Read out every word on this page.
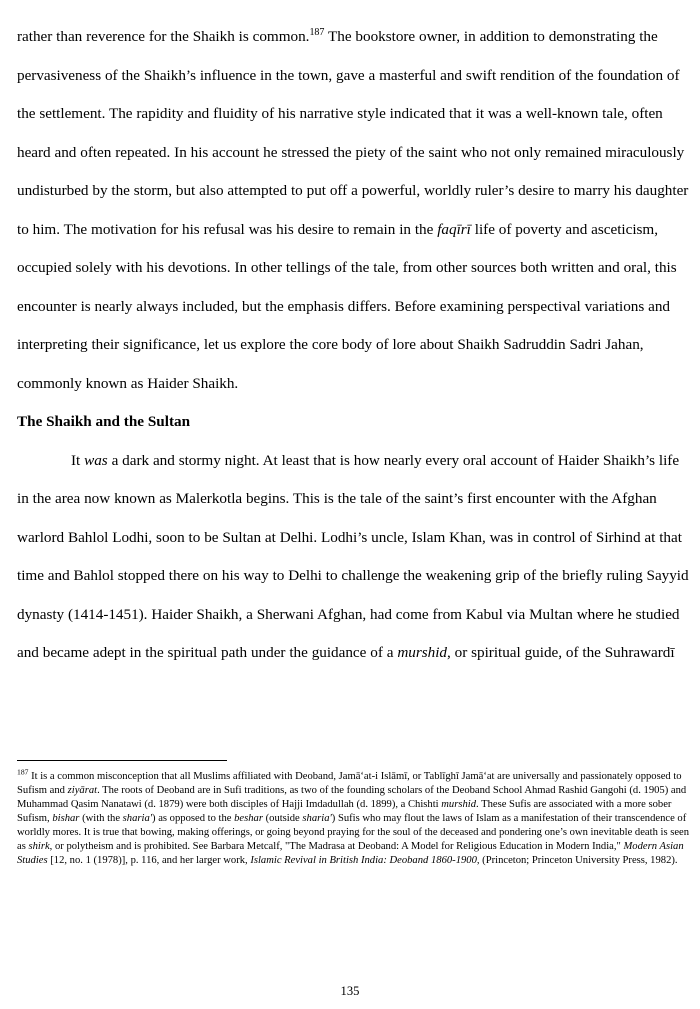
rather than reverence for the Shaikh is common.$^{187}$ The bookstore owner, in addition to demonstrating the pervasiveness of the Shaikh’s influence in the town, gave a masterful and swift rendition of the foundation of the settlement. The rapidity and fluidity of his narrative style indicated that it was a well-known tale, often heard and often repeated. In his account he stressed the piety of the saint who not only remained miraculously undisturbed by the storm, but also attempted to put off a powerful, worldly ruler’s desire to marry his daughter to him. The motivation for his refusal was his desire to remain in the faqīrī life of poverty and asceticism, occupied solely with his devotions. In other tellings of the tale, from other sources both written and oral, this encounter is nearly always included, but the emphasis differs. Before examining perspectival variations and interpreting their significance, let us explore the core body of lore about Shaikh Sadruddin Sadri Jahan, commonly known as Haider Shaikh.

The Shaikh and the Sultan

It was a dark and stormy night. At least that is how nearly every oral account of Haider Shaikh’s life in the area now known as Malerkotla begins. This is the tale of the saint’s first encounter with the Afghan warlord Bahlol Lodhi, soon to be Sultan at Delhi. Lodhi’s uncle, Islam Khan, was in control of Sirhind at that time and Bahlol stopped there on his way to Delhi to challenge the weakening grip of the briefly ruling Sayyid dynasty (1414-1451). Haider Shaikh, a Sherwani Afghan, had come from Kabul via Multan where he studied and became adept in the spiritual path under the guidance of a murshid, or spiritual guide, of the Suhrawardī

$^{187}$ It is a common misconception that all Muslims affiliated with Deoband, Jamāʻat-i Islāmī, or Tablīghī Jamāʻat are universally and passionately opposed to Sufism and ziyārat. The roots of Deoband are in Sufi traditions, as two of the founding scholars of the Deoband School Ahmad Rashid Gangohi (d. 1905) and Muhammad Qasim Nanatawi (d. 1879) were both disciples of Hajji Imdadullah (d. 1899), a Chishti murshid. These Sufis are associated with a more sober Sufism, bishar (with the sharia') as opposed to the beshar (outside sharia') Sufis who may flout the laws of Islam as a manifestation of their transcendence of worldly mores. It is true that bowing, making offerings, or going beyond praying for the soul of the deceased and pondering one’s own inevitable death is seen as shirk, or polytheism and is prohibited. See Barbara Metcalf, "The Madrasa at Deoband: A Model for Religious Education in Modern India," Modern Asian Studies [12, no. 1 (1978)], p. 116, and her larger work, Islamic Revival in British India: Deoband 1860-1900, (Princeton; Princeton University Press, 1982).

135
